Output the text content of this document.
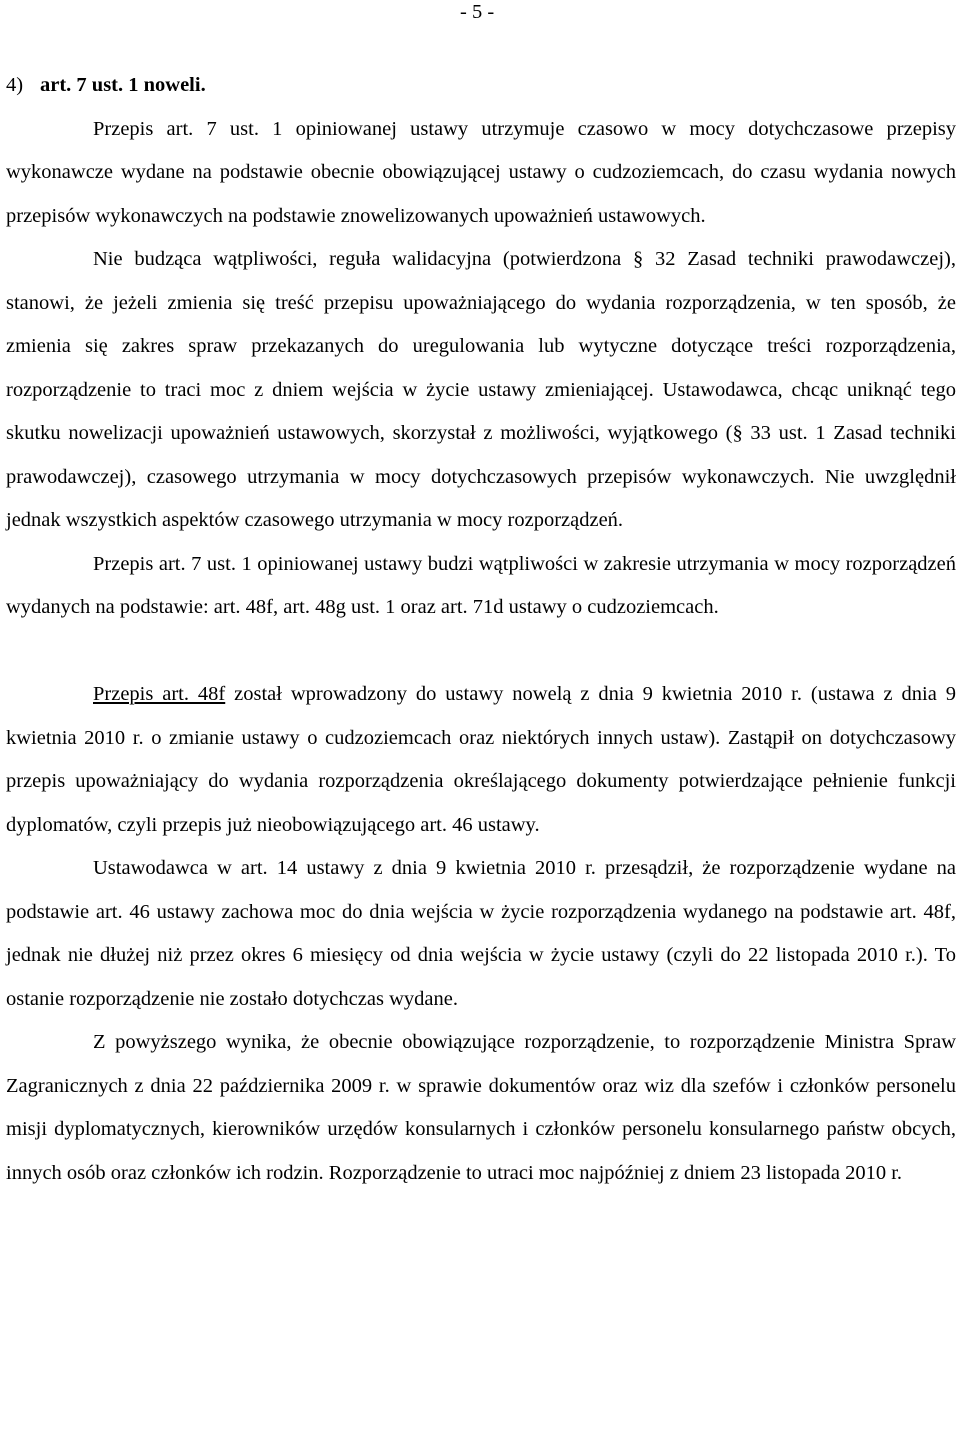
- 5 -
4) art. 7 ust. 1 noweli.

Przepis art. 7 ust. 1 opiniowanej ustawy utrzymuje czasowo w mocy dotychczasowe przepisy wykonawcze wydane na podstawie obecnie obowiązującej ustawy o cudzoziemcach, do czasu wydania nowych przepisów wykonawczych na podstawie znowelizowanych upoważnień ustawowych.

Nie budząca wątpliwości, reguła walidacyjna (potwierdzona § 32 Zasad techniki prawodawczej), stanowi, że jeżeli zmienia się treść przepisu upoważniającego do wydania rozporządzenia, w ten sposób, że zmienia się zakres spraw przekazanych do uregulowania lub wytyczne dotyczące treści rozporządzenia, rozporządzenie to traci moc z dniem wejścia w życie ustawy zmieniającej. Ustawodawca, chcąc uniknąć tego skutku nowelizacji upoważnień ustawowych, skorzystał z możliwości, wyjątkowego (§ 33 ust. 1 Zasad techniki prawodawczej), czasowego utrzymania w mocy dotychczasowych przepisów wykonawczych. Nie uwzględnił jednak wszystkich aspektów czasowego utrzymania w mocy rozporządzeń.

Przepis art. 7 ust. 1 opiniowanej ustawy budzi wątpliwości w zakresie utrzymania w mocy rozporządzeń wydanych na podstawie: art. 48f, art. 48g ust. 1 oraz art. 71d ustawy o cudzoziemcach.

Przepis art. 48f został wprowadzony do ustawy nowelą z dnia 9 kwietnia 2010 r. (ustawa z dnia 9 kwietnia 2010 r. o zmianie ustawy o cudzoziemcach oraz niektórych innych ustaw). Zastąpił on dotychczasowy przepis upoważniający do wydania rozporządzenia określającego dokumenty potwierdzające pełnienie funkcji dyplomatów, czyli przepis już nieobowiązującego art. 46 ustawy.

Ustawodawca w art. 14 ustawy z dnia 9 kwietnia 2010 r. przesądził, że rozporządzenie wydane na podstawie art. 46 ustawy zachowa moc do dnia wejścia w życie rozporządzenia wydanego na podstawie art. 48f, jednak nie dłużej niż przez okres 6 miesięcy od dnia wejścia w życie ustawy (czyli do 22 listopada 2010 r.). To ostanie rozporządzenie nie zostało dotychczas wydane.

Z powyższego wynika, że obecnie obowiązujące rozporządzenie, to rozporządzenie Ministra Spraw Zagranicznych z dnia 22 października 2009 r. w sprawie dokumentów oraz wiz dla szefów i członków personelu misji dyplomatycznych, kierowników urzędów konsularnych i członków personelu konsularnego państw obcych, innych osób oraz członków ich rodzin. Rozporządzenie to utraci moc najpóźniej z dniem 23 listopada 2010 r.
